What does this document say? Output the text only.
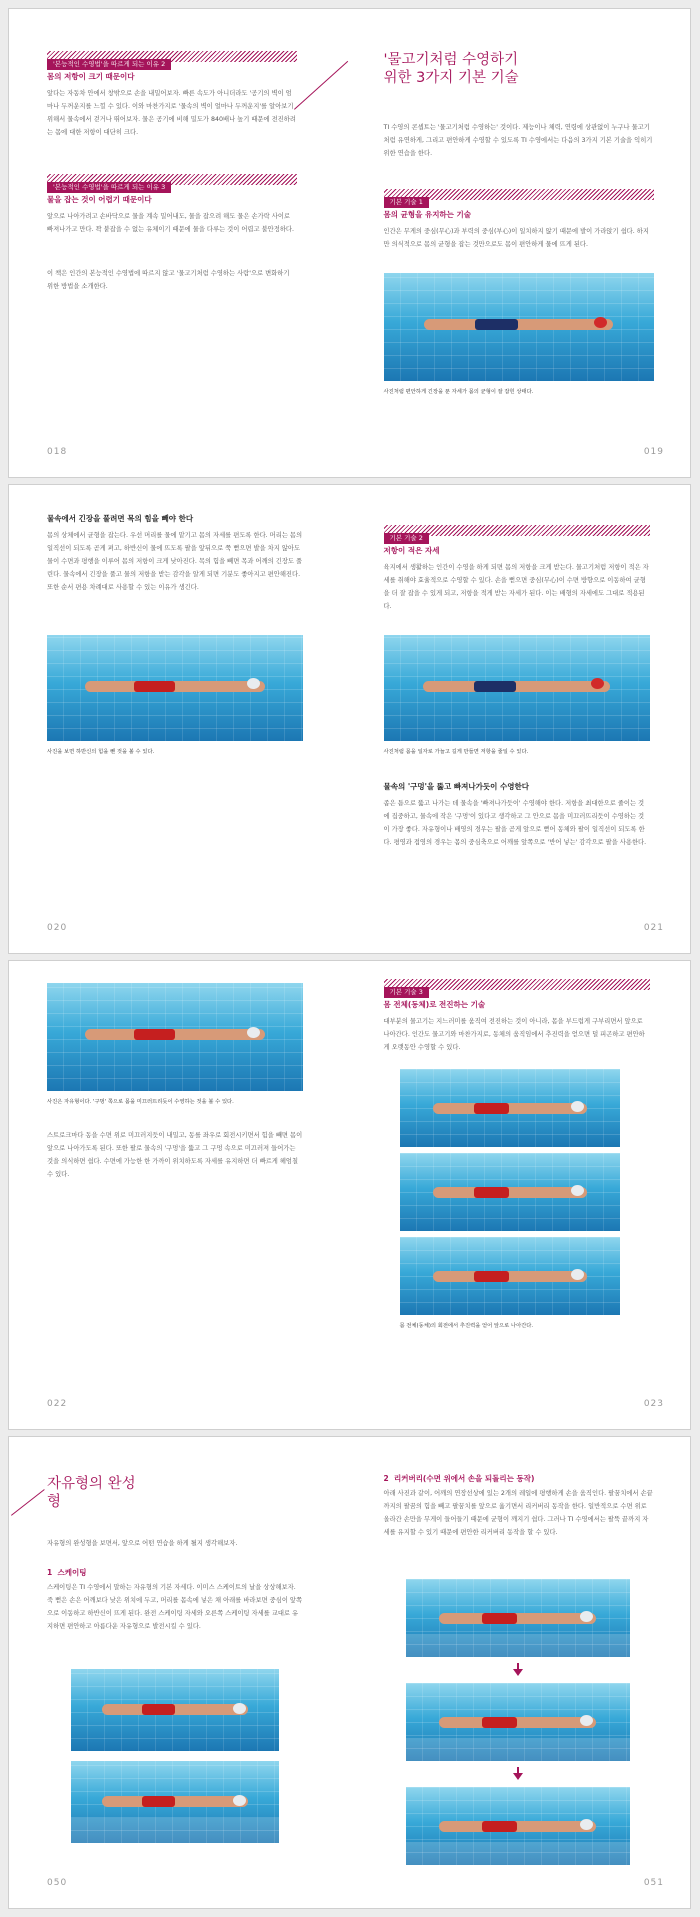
'본능적인 수영법'을 따르게 되는 이유 2
몸의 저항이 크기 때문이다

앞다는 자동차 안에서 창밖으로 손을 내밀어보자. 빠른 속도가 아니더라도 '공기의 벽이 엄마나 두꺼운지를 느낄 수 있다. 이와 마찬가지로 '물속의 벽이 얼마나 두꺼운지'를 알아보기 위해서 물속에서 걷거나 뛰어보자. 물은 공기에 비해 밀도가 840배나 높기 때문에 전진하려는 몸에 대한 저항이 대단히 크다.

'본능적인 수영법'을 따르게 되는 이유 3
물을 잡는 것이 어렵기 때문이다

앞으로 나아가려고 손바닥으로 물을 계속 밀어내도, 물을 잡으려 해도 물은 손가락 사이로 빠져나가고 만다. 꽉 붙잡을 수 없는 유체이기 때문에 물을 다루는 것이 어렵고 불안정하다.

이 책은 인간의 본능적인 수영법에 따르지 않고 '물고기처럼 수영하는 사람'으로 변화하기 위한 방법을 소개한다.

018
'물고기처럼 수영하기 위한 3가지 기본 기술

TI 수영의 콘셉트는 '물고기처럼 수영하는' 것이다. 제능이나 체력, 연령에 상관없이 누구나 물고기처럼 유연하게, 그리고 편안하게 수영할 수 있도록 TI 수영에서는 다음의 3가지 기본 기술을 익히기 위한 연습을 한다.

기본 기술 1
몸의 균형을 유지하는 기술

인간은 무게의 중심(무心)과 부력의 중심(부心)이 일치하지 않기 때문에 발이 가라앉기 쉽다. 하지만 의식적으로 몸의 균형을 잡는 것만으로도 몸이 편안하게 물에 뜨게 된다.

사진처럼 편안하게 긴장을 푼 자세가 몸의 균형이 잘 잡힌 상태다.
019
물속에서 긴장을 풀려면 목의 힘을 빼야 한다

몸의 상체에서 균형을 잡는다. 우선 머리를 물에 맡기고 몸의 자세를 편도록 한다. 머리는 몸의 일직선이 되도록 곧게 펴고, 하반신이 물에 뜨도록 팔을 앞뒤으로 쭉 뻗으면 발을 차지 않아도 물이 수면과 평행을 이루어 몸의 저항이 크게 낮아진다. 목의 힘을 빼면 목과 어깨의 긴장도 풀린다. 물속에서 긴장을 풀고 물의 저항을 받는 감각을 알게 되면 기분도 좋아지고 편안해진다. 또한 순서 편용 차례대로 사용할 수 있는 이유가 생긴다.

사진을 보면 하반신의 힘을 뺀 것을 볼 수 있다.
020
기본 기술 2
저항이 적은 자세

육지에서 생활하는 인간이 수영을 하게 되면 몸의 저항을 크게 받는다. 물고기처럼 저항이 적은 자세를 취해야 효율적으로 수영할 수 있다. 손을 뻗으면 중심(무心)이 수면 방향으로 이동하여 균형을 더 잘 잡을 수 있게 되고, 저항을 적게 받는 자세가 된다. 이는 배형의 자세에도 그대로 적용된다.

사진처럼 몸을 일자로 가늘고 길게 만들면 저항을 줄일 수 있다.
물속의 '구멍'을 뚫고 빠져나가듯이 수영한다

좁은 틈으로 뚫고 나가는 데 물속을 '빠져나가듯이' 수영해야 한다. 저항을 최대한으로 줄이는 것에 집중하고, 물속에 작은 '구멍'이 있다고 생각하고 그 안으로 몸을 미끄러뜨리듯이 수영하는 것이 가장 좋다. 자유형이나 배영의 경우는 팔을 곧게 앞으로 뻗어 동체와 팔이 일직선이 되도록 한다. 평영과 접영의 경우는 몸의 중심축으로 어깨를 앞쪽으로 '반어 넣는' 감각으로 팔을 사용한다.

021
사진은 자유형이다. '구멍' 쪽으로 몸을 미끄러뜨리듯이 수영하는 것을 볼 수 있다.

스트로크마다 동을 수면 위로 미끄러지듯이 내밀고, 동를 좌우로 회전시키면서 힘을 빼면 몸이 앞으로 나아가도록 된다. 또한 팔로 물속의 '구멍'을 뚫고 그 구멍 속으로 미끄러져 들어가는 것을 의식하면 쉽다. 수면에 가능한 한 가까이 위치하도록 자세를 유지하면 더 빠르게 헤엄칠 수 있다.

022
기본 기술 3
몸 전체(동체)로 전진하는 기술

대부분의 물고기는 지느러미를 움직여 전진하는 것이 아니라, 몸을 부드럽게 구부리면서 앞으로 나아간다. 인간도 물고기와 마찬가지로, 동체의 움직임에서 추진력을 얻으면 덜 피곤하고 편안하게 오랫동안 수영할 수 있다.

몸 전체(동체)의 회전에서 추진력을 얻어 앞으로 나아간다.
023
자유형의 완성형

자유형의 완성형을 보면서, 앞으로 어떤 연습을 하게 될지 생각해보자.

1 스케이팅

스케이팅은 TI 수영에서 말하는 자유형의 기본 자세다. 이미스 스케이트의 날을 상상해보자. 죽 뻗은 손은 어깨보다 낮은 위치에 두고, 머리를 몸속에 넣은 채 아래를 바라보면 중심이 앞쪽으로 이동하고 하반신이 뜨게 된다. 완전 스케이팅 자세와 오른쪽 스케이팅 자세를 교대로 유지하면 편안하고 아름다운 자유형으로 발전시킬 수 있다.

050
2 리커버리(수면 위에서 손을 되돌리는 동작)

아래 사진과 같이, 어깨의 연장선상에 있는 2개의 레일에 평행하게 손을 움직인다. 팔꿈치에서 손끝까지의 팔꿈의 힘을 빼고 팔꿈치를 앞으로 옮기면서 리커버리 동작을 한다. 일반적으로 수면 위로 올라간 손만을 무게이 들어들기 때문에 균형이 깨지기 쉽다. 그러나 TI 수영에서는 팔뚝 끝까지 자세를 유지할 수 있기 때문에 편안한 리커버리 동작을 할 수 있다.

051
